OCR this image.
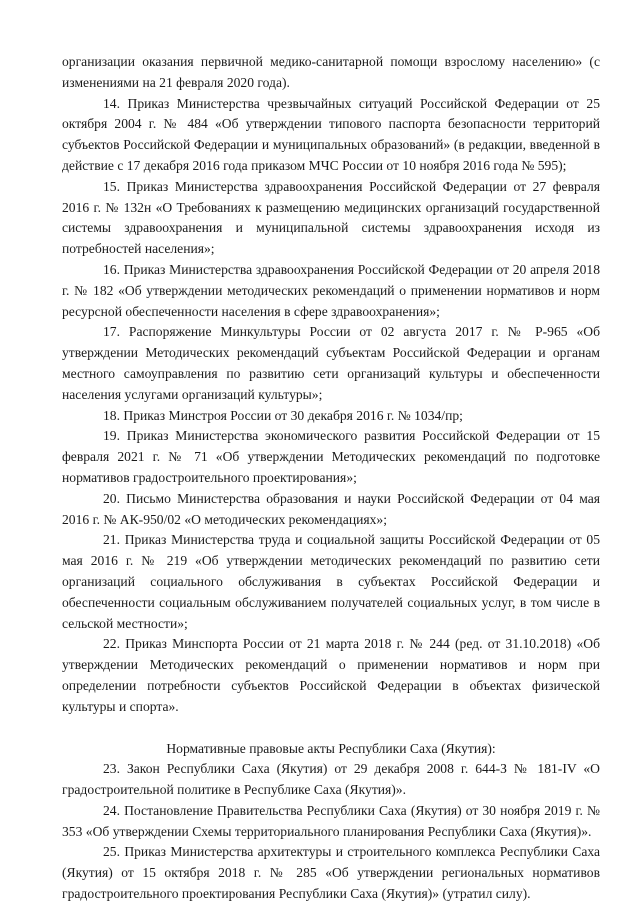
организации оказания первичной медико-санитарной помощи взрослому населению» (с изменениями на 21 февраля 2020 года).

14. Приказ Министерства чрезвычайных ситуаций Российской Федерации от 25 октября 2004 г. № 484 «Об утверждении типового паспорта безопасности территорий субъектов Российской Федерации и муниципальных образований» (в редакции, введенной в действие с 17 декабря 2016 года приказом МЧС России от 10 ноября 2016 года № 595);

15. Приказ Министерства здравоохранения Российской Федерации от 27 февраля 2016 г. № 132н «О Требованиях к размещению медицинских организаций государственной системы здравоохранения и муниципальной системы здравоохранения исходя из потребностей населения»;

16. Приказ Министерства здравоохранения Российской Федерации от 20 апреля 2018 г. № 182 «Об утверждении методических рекомендаций о применении нормативов и норм ресурсной обеспеченности населения в сфере здравоохранения»;

17. Распоряжение Минкультуры России от 02 августа 2017 г. № Р-965 «Об утверждении Методических рекомендаций субъектам Российской Федерации и органам местного самоуправления по развитию сети организаций культуры и обеспеченности населения услугами организаций культуры»;

18. Приказ Минстроя России от 30 декабря 2016 г. № 1034/пр;

19. Приказ Министерства экономического развития Российской Федерации от 15 февраля 2021 г. № 71 «Об утверждении Методических рекомендаций по подготовке нормативов градостроительного проектирования»;

20. Письмо Министерства образования и науки Российской Федерации от 04 мая 2016 г. № АК-950/02 «О методических рекомендациях»;

21. Приказ Министерства труда и социальной защиты Российской Федерации от 05 мая 2016 г. № 219 «Об утверждении методических рекомендаций по развитию сети организаций социального обслуживания в субъектах Российской Федерации и обеспеченности социальным обслуживанием получателей социальных услуг, в том числе в сельской местности»;

22. Приказ Минспорта России от 21 марта 2018 г. № 244 (ред. от 31.10.2018) «Об утверждении Методических рекомендаций о применении нормативов и норм при определении потребности субъектов Российской Федерации в объектах физической культуры и спорта».

Нормативные правовые акты Республики Саха (Якутия):

23. Закон Республики Саха (Якутия) от 29 декабря 2008 г. 644-З № 181-IV «О градостроительной политике в Республике Саха (Якутия)».

24. Постановление Правительства Республики Саха (Якутия) от 30 ноября 2019 г. № 353 «Об утверждении Схемы территориального планирования Республики Саха (Якутия)».

25. Приказ Министерства архитектуры и строительного комплекса Республики Саха (Якутия) от 15 октября 2018 г. № 285 «Об утверждении региональных нормативов градостроительного проектирования Республики Саха (Якутия)» (утратил силу).
